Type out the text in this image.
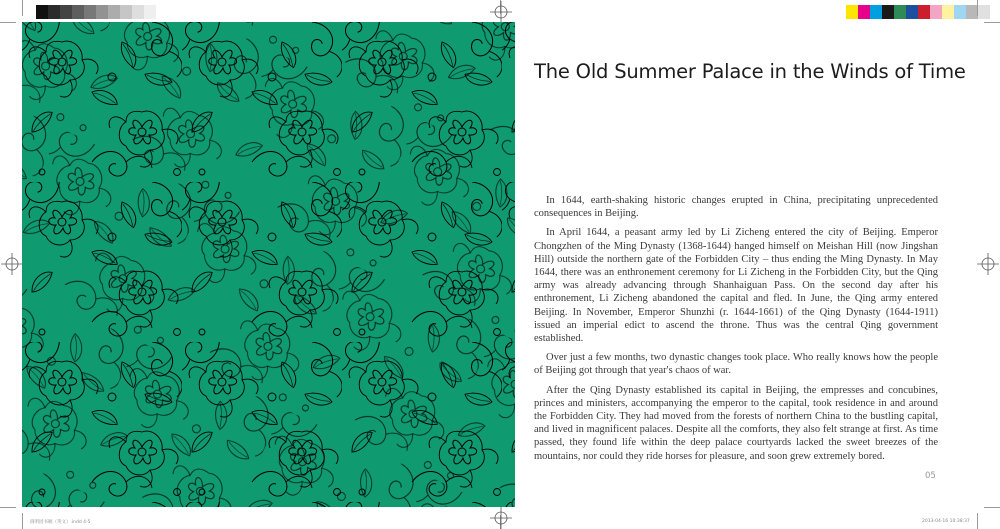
The Old Summer Palace in the Winds of Time

In 1644, earth-shaking historic changes erupted in China, precipitating unprecedented consequences in Beijing.

In April 1644, a peasant army led by Li Zicheng entered the city of Beijing. Emperor Chongzhen of the Ming Dynasty (1368-1644) hanged himself on Meishan Hill (now Jingshan Hill) outside the northern gate of the Forbidden City – thus ending the Ming Dynasty. In May 1644, there was an enthronement ceremony for Li Zicheng in the Forbidden City, but the Qing army was already advancing through Shanhaiguan Pass. On the second day after his enthronement, Li Zicheng abandoned the capital and fled. In June, the Qing army entered Beijing. In November, Emperor Shunzhi (r. 1644-1661) of the Qing Dynasty (1644-1911) issued an imperial edict to ascend the throne. Thus was the central Qing government established.

Over just a few months, two dynastic changes took place. Who really knows how the people of Beijing got through that year's chaos of war.

After the Qing Dynasty established its capital in Beijing, the empresses and concubines, princes and ministers, accompanying the emperor to the capital, took residence in and around the Forbidden City. They had moved from the forests of northern China to the bustling capital, and lived in magnificent palaces. Despite all the comforts, they also felt strange at first. As time passed, they found life within the deep palace courtyards lacked the sweet breezes of the mountains, nor could they ride horses for pleasure, and soon grew extremely bored.

05
圆明园书稿（英文）.indd 4-5	2013-04-16 10:38:37
